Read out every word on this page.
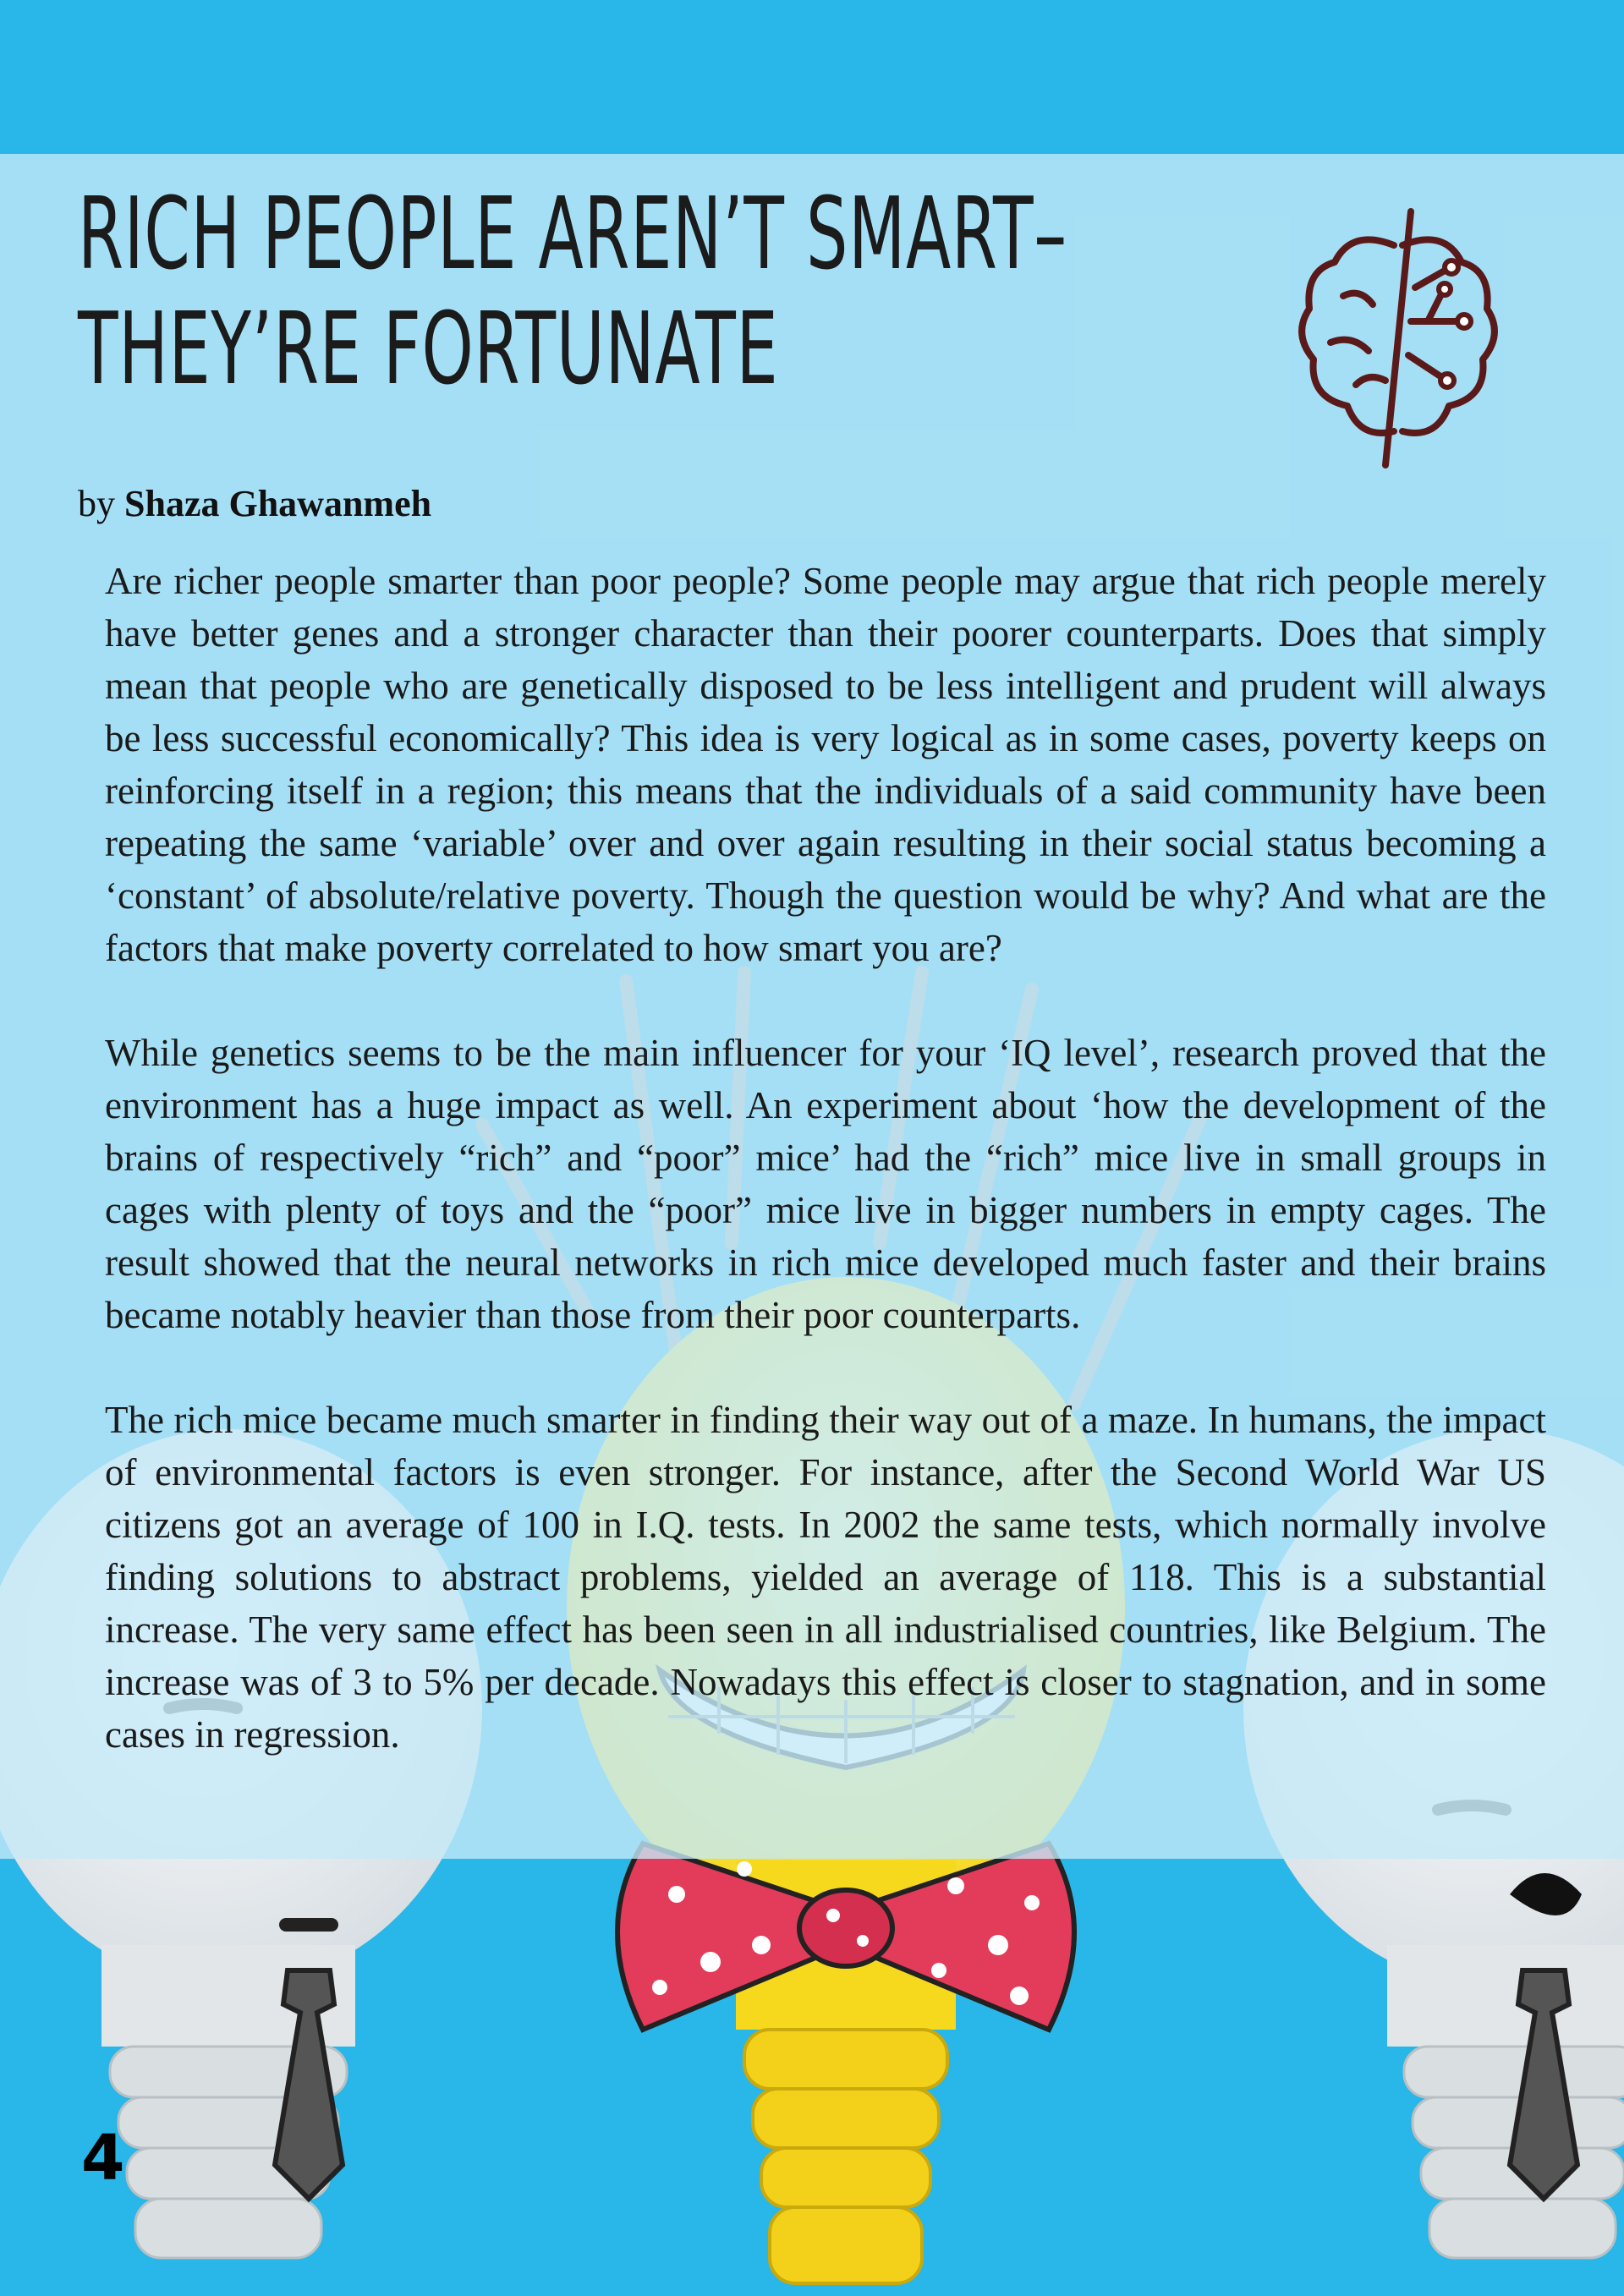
RICH PEOPLE AREN’T SMART–
THEY’RE FORTUNATE
by Shaza Ghawanmeh

Are richer people smarter than poor people? Some people may argue that rich people merely have better genes and a stronger character than their poorer counterparts. Does that simply mean that people who are genetically disposed to be less intelligent and prudent will always be less successful economically? This idea is very logical as in some cases, poverty keeps on reinforcing itself in a region; this means that the individuals of a said community have been repeating the same ‘variable’ over and over again resulting in their social status becoming a ‘constant’ of absolute/relative poverty. Though the question would be why? And what are the factors that make poverty correlated to how smart you are?

While genetics seems to be the main influencer for your ‘IQ level’, research proved that the environment has a huge impact as well. An experiment about ‘how the development of the brains of respectively “rich” and “poor” mice’ had the “rich” mice live in small groups in cages with plenty of toys and the “poor” mice live in bigger numbers in empty cages. The result showed that the neural networks in rich mice developed much faster and their brains became notably heavier than those from their poor counterparts.

The rich mice became much smarter in finding their way out of a maze. In humans, the impact of environmental factors is even stronger. For instance, after the Second World War US citizens got an average of 100 in I.Q. tests. In 2002 the same tests, which normally involve finding solutions to abstract problems, yielded an average of 118. This is a substantial increase. The very same effect has been seen in all industrialised countries, like Belgium. The increase was of 3 to 5% per decade. Nowadays this effect is closer to stagnation, and in some cases in regression.

4
